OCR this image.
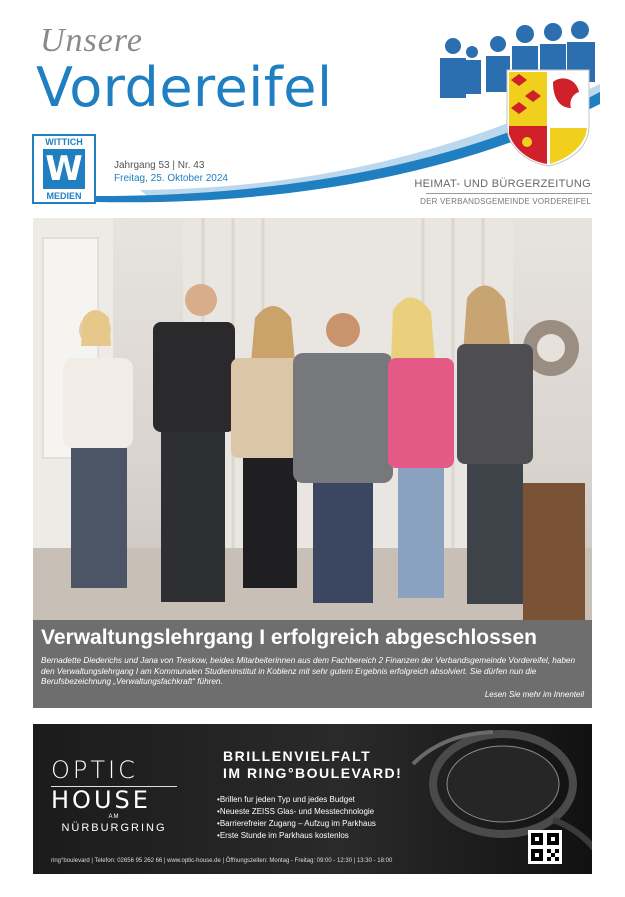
Unsere
Vordereifel
WITTICH
W
MEDIEN
Jahrgang 53 | Nr. 43
Freitag, 25. Oktober 2024	HEIMAT- UND BÜRGERZEITUNG
DER VERBANDSGEMEINDE VORDEREIFEL
Verwaltungslehrgang I erfolgreich abgeschlossen
Bernadette Diederichs und Jana von Treskow, beides Mitarbeiterinnen aus dem Fachbereich 2 Finanzen der Verbandsgemeinde Vordereifel, haben den Verwaltungslehrgang I am Kommunalen Studieninstitut in Koblenz mit sehr gutem Ergebnis erfolgreich absolviert. Sie dürfen nun die Berufsbezeichnung „Verwaltungsfachkraft“ führen.
Lesen Sie mehr im Innenteil
OPTIC
HOUSE
AM
NÜRBURGRING
BRILLENVIELFALT
IM RING°BOULEVARD!
• Brillen fur jeden Typ und jedes Budget
• Neueste ZEISS Glas- und Messtechnologie
• Barrierefreier Zugang – Aufzug im Parkhaus
• Erste Stunde im Parkhaus kostenlos
ring°boulevard | Telefon: 02656 95 262 66 | www.optic-house.de | Öffnungszeiten: Montag - Freitag: 09:00 - 12:30 | 13:30 - 18:00
